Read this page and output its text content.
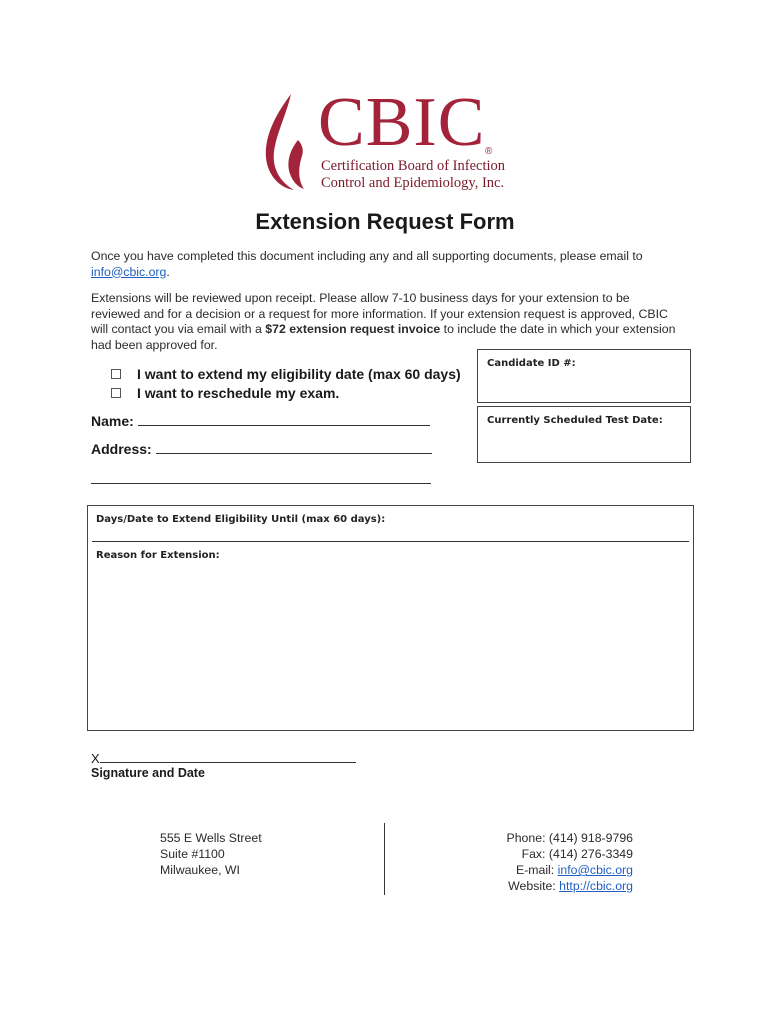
CBIC ®
Certification Board of Infection
Control and Epidemiology, Inc.
Extension Request Form
Once you have completed this document including any and all supporting documents, please email to info@cbic.org.
Extensions will be reviewed upon receipt. Please allow 7-10 business days for your extension to be reviewed and for a decision or a request for more information. If your extension request is approved, CBIC will contact you via email with a $72 extension request invoice to include the date in which your extension had been approved for.
I want to extend my eligibility date (max 60 days)
I want to reschedule my exam.
Name:
Address:
Candidate ID #:
Currently Scheduled Test Date:
Days/Date to Extend Eligibility Until (max 60 days):
Reason for Extension:
X
Signature and Date
555 E Wells Street
Suite #1100
Milwaukee, WI
Phone: (414) 918-9796
Fax: (414) 276-3349
E-mail: info@cbic.org
Website: http://cbic.org
